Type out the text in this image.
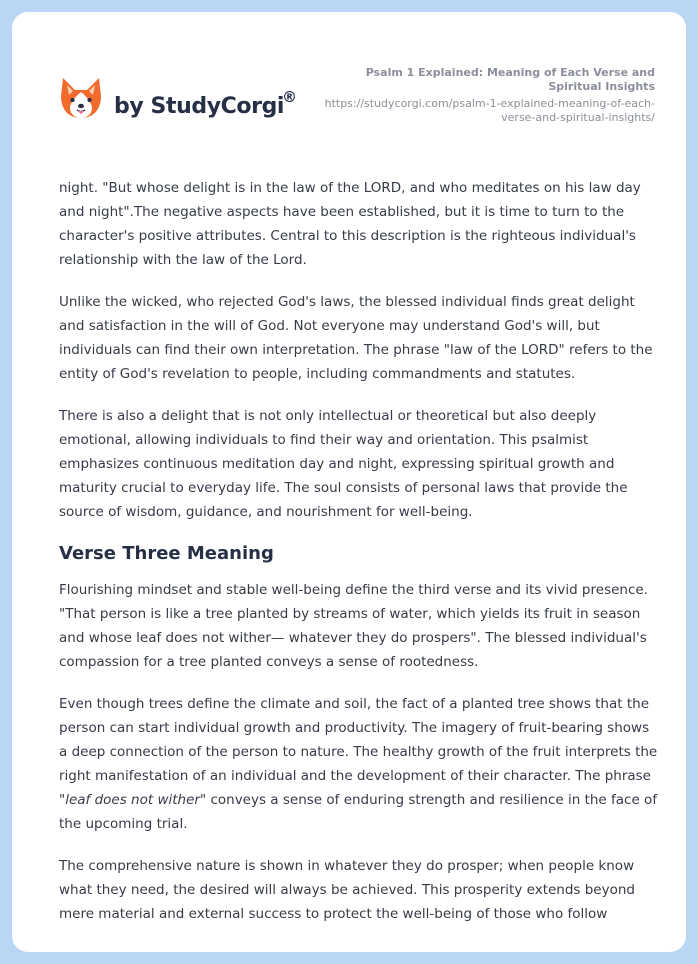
by StudyCorgi
®
Psalm 1 Explained: Meaning of Each Verse and Spiritual Insights
https://studycorgi.com/psalm-1-explained-meaning-of-each-verse-and-spiritual-insights/

night. "But whose delight is in the law of the LORD, and who meditates on his law day and night".The negative aspects have been established, but it is time to turn to the character's positive attributes. Central to this description is the righteous individual's relationship with the law of the Lord.

Unlike the wicked, who rejected God's laws, the blessed individual finds great delight and satisfaction in the will of God. Not everyone may understand God's will, but individuals can find their own interpretation. The phrase "law of the LORD" refers to the entity of God's revelation to people, including commandments and statutes.

There is also a delight that is not only intellectual or theoretical but also deeply emotional, allowing individuals to find their way and orientation. This psalmist emphasizes continuous meditation day and night, expressing spiritual growth and maturity crucial to everyday life. The soul consists of personal laws that provide the source of wisdom, guidance, and nourishment for well-being.

Verse Three Meaning

Flourishing mindset and stable well-being define the third verse and its vivid presence. "That person is like a tree planted by streams of water, which yields its fruit in season and whose leaf does not wither— whatever they do prospers". The blessed individual's compassion for a tree planted conveys a sense of rootedness.

Even though trees define the climate and soil, the fact of a planted tree shows that the person can start individual growth and productivity. The imagery of fruit-bearing shows a deep connection of the person to nature. The healthy growth of the fruit interprets the right manifestation of an individual and the development of their character. The phrase "leaf does not wither" conveys a sense of enduring strength and resilience in the face of the upcoming trial.

The comprehensive nature is shown in whatever they do prosper; when people know what they need, the desired will always be achieved. This prosperity extends beyond mere material and external success to protect the well-being of those who follow
